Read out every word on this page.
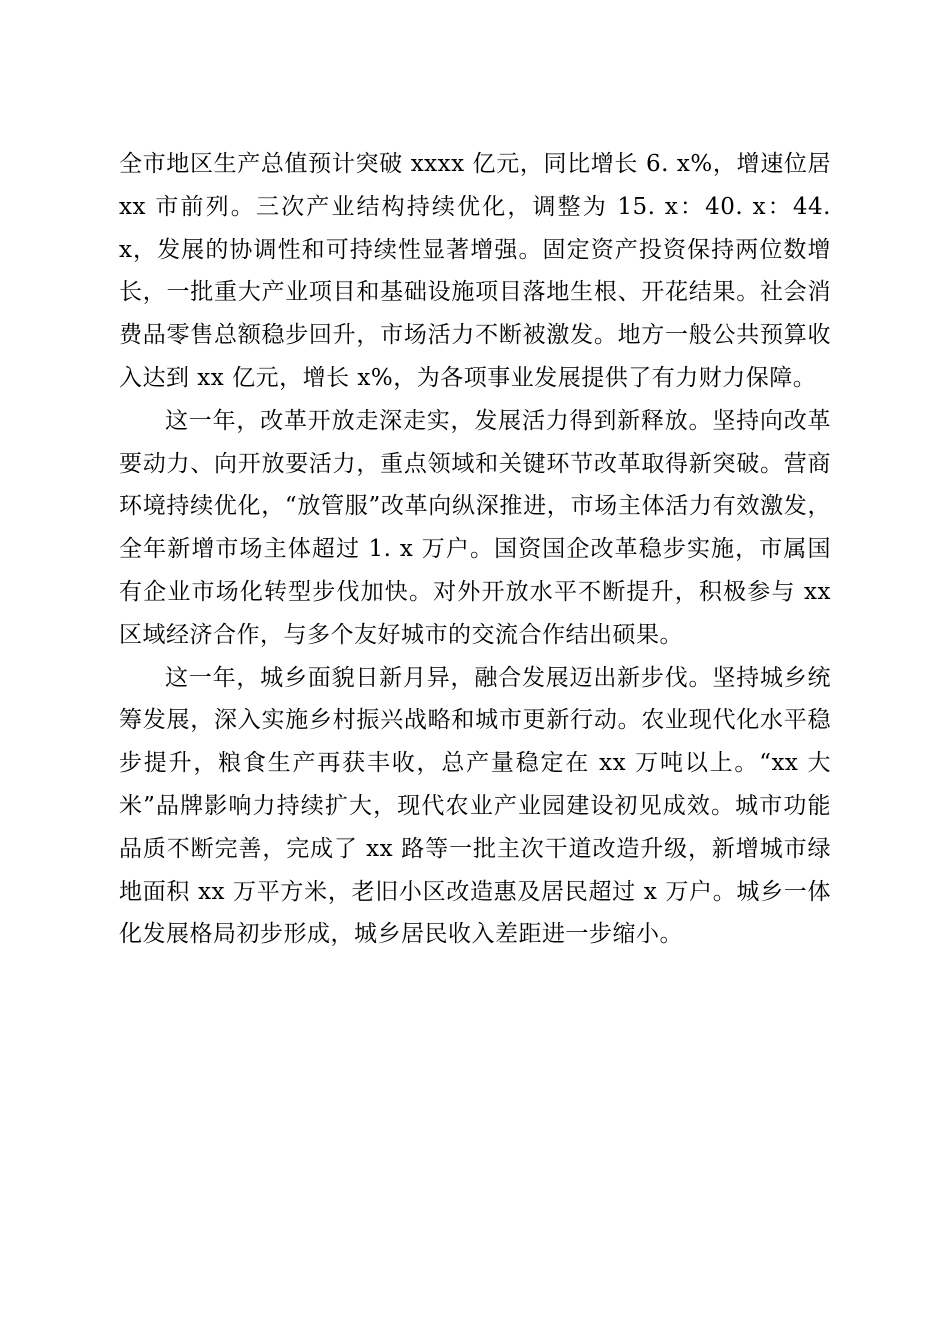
全市地区生产总值预计突破 xxxx 亿元，同比增长 6. x%，增速位居 xx 市前列。三次产业结构持续优化，调整为 15. x：40. x：44. x，发展的协调性和可持续性显著增强。固定资产投资保持两位数增长，一批重大产业项目和基础设施项目落地生根、开花结果。社会消费品零售总额稳步回升，市场活力不断被激发。地方一般公共预算收入达到 xx 亿元，增长 x%，为各项事业发展提供了有力财力保障。

这一年，改革开放走深走实，发展活力得到新释放。坚持向改革要动力、向开放要活力，重点领域和关键环节改革取得新突破。营商环境持续优化，“放管服”改革向纵深推进，市场主体活力有效激发，全年新增市场主体超过 1. x 万户。国资国企改革稳步实施，市属国有企业市场化转型步伐加快。对外开放水平不断提升，积极参与 xx 区域经济合作，与多个友好城市的交流合作结出硕果。

这一年，城乡面貌日新月异，融合发展迈出新步伐。坚持城乡统筹发展，深入实施乡村振兴战略和城市更新行动。农业现代化水平稳步提升，粮食生产再获丰收，总产量稳定在 xx 万吨以上。“xx 大米”品牌影响力持续扩大，现代农业产业园建设初见成效。城市功能品质不断完善，完成了 xx 路等一批主次干道改造升级，新增城市绿地面积 xx 万平方米，老旧小区改造惠及居民超过 x 万户。城乡一体化发展格局初步形成，城乡居民收入差距进一步缩小。
